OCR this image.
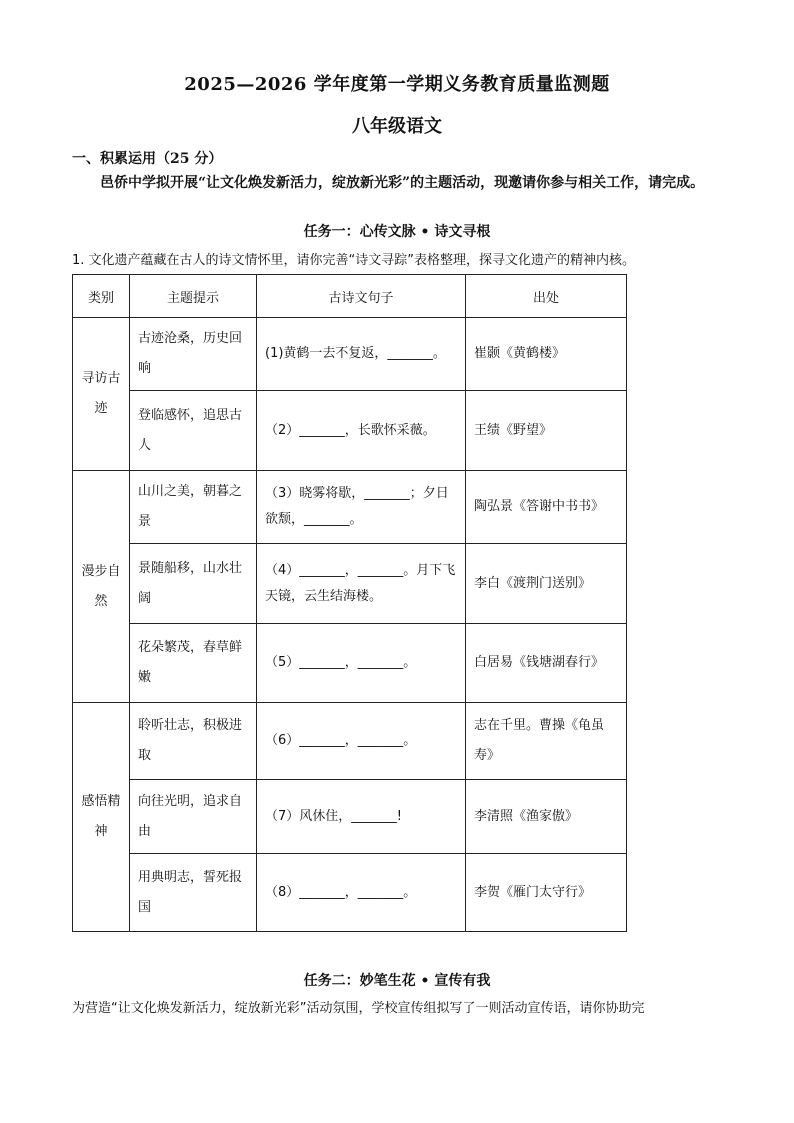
2025—2026 学年度第一学期义务教育质量监测题
八年级语文
一、积累运用（25 分）
邑侨中学拟开展“让文化焕发新活力，绽放新光彩”的主题活动，现邀请你参与相关工作，请完成。
任务一：心传文脉 • 诗文寻根
1. 文化遗产蕴藏在古人的诗文情怀里，请你完善“诗文寻踪”表格整理，探寻文化遗产的精神内核。
类别	主题提示	古诗文句子	出处
寻访古迹	古迹沧桑，历史回响	(1)黄鹤一去不复返，_______。	崔颢《黄鹤楼》
	登临感怀，追思古人	（2）_______，长歌怀采薇。	王绩《野望》
漫步自然	山川之美，朝暮之景	（3）晓雾将歇，_______；夕日欲颓，_______。	陶弘景《答谢中书书》
	景随船移，山水壮阔	（4）_______，_______。月下飞天镜，云生结海楼。	李白《渡荆门送别》
	花朵繁茂，春草鲜嫩	（5）_______，_______。	白居易《钱塘湖春行》
感悟精神	聆听壮志，积极进取	（6）_______，_______。	志在千里。曹操《龟虽寿》
	向往光明，追求自由	（7）风休住，_______!	李清照《渔家傲》
	用典明志，誓死报国	（8）_______，_______。	李贺《雁门太守行》
任务二：妙笔生花 • 宣传有我
为营造“让文化焕发新活力，绽放新光彩”活动氛围，学校宣传组拟写了一则活动宣传语，请你协助完
